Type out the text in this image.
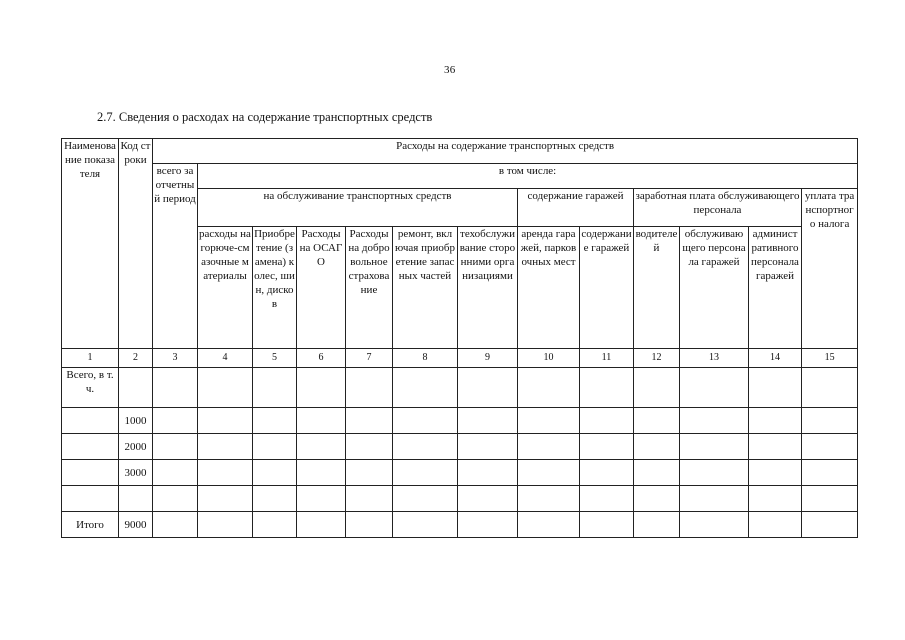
36
2.7. Сведения о расходах на содержание транспортных средств
Наименование показателя	Код строки	Расходы на содержание транспортных средств												
		всего за отчетный период	в том числе:											
			на обслуживание транспортных средств						содержание гаражей		заработная плата обслуживающего персонала			уплата транспортного налога
			расходы на горюче-смазочные материалы	Приобретение (замена) колес, шин, дисков	Расходы на ОСАГО	Расходы на добровольное страхование	ремонт, включая приобретение запасных частей	техобслуживание сторонними организациями	аренда гаражей, парковочных мест	содержание гаражей	водителей	обслуживающего персонала гаражей	административного персонала гаражей	
1	2	3	4	5	6	7	8	9	10	11	12	13	14	15
Всего, в т.ч.														
	1000													
	2000													
	3000													

Итого	9000													
